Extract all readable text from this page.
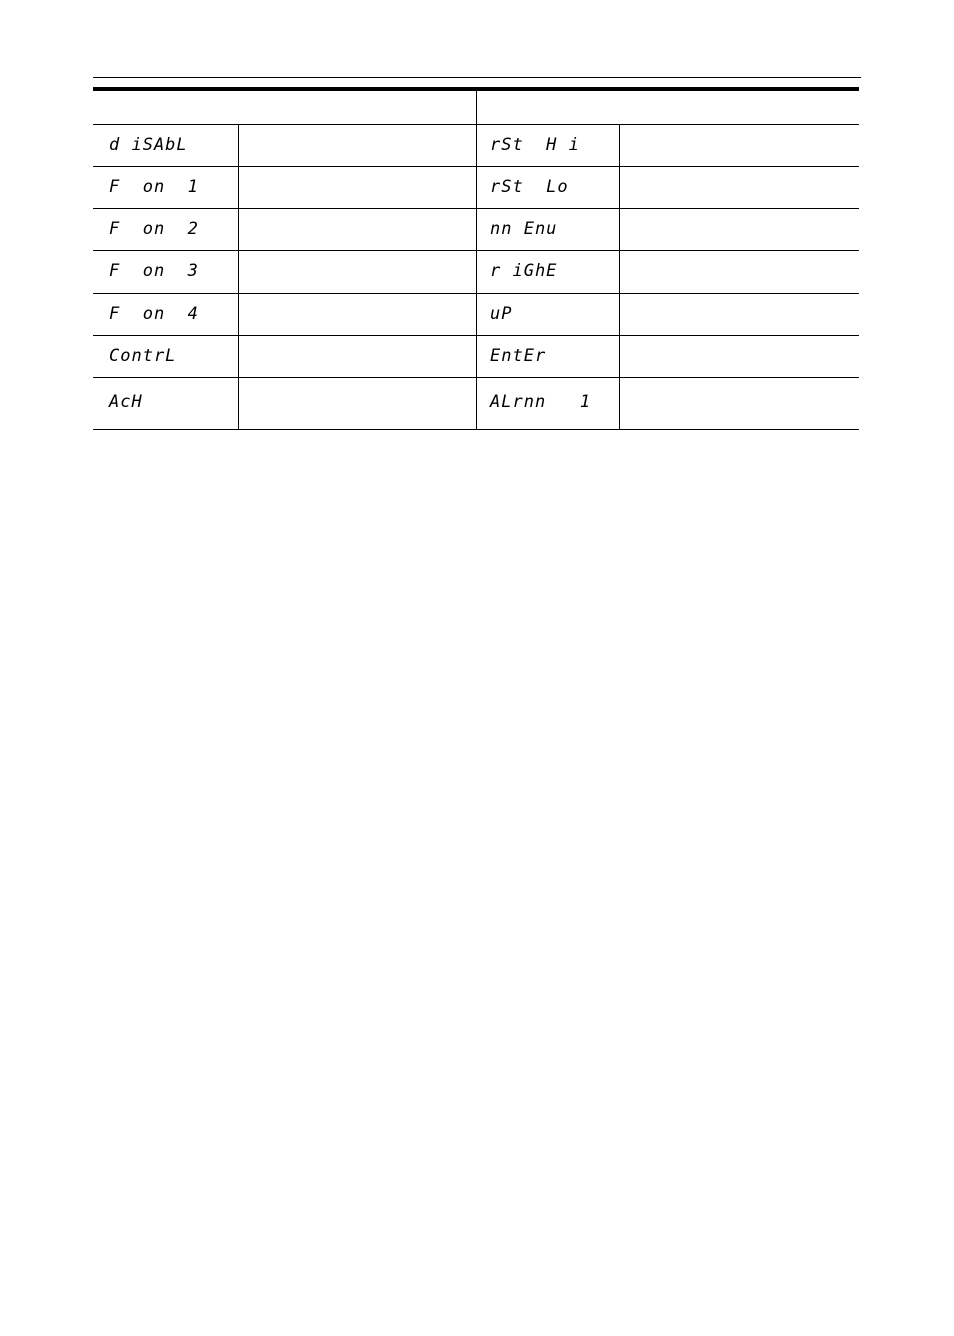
d iSAbL
F  on  1
F  on  2
F  on  3
F  on  4
ContrL
AcH
rSt  H i
rSt  Lo
nn Enu
r iGhE
uP
EntEr
ALrnn   1
